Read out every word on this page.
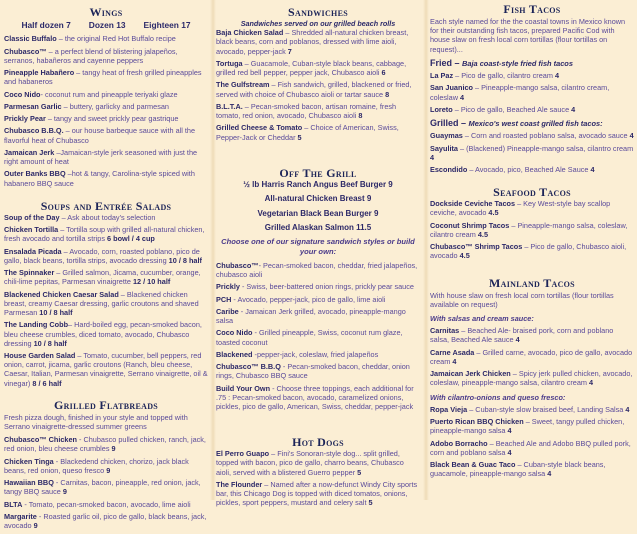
Wings
Half dozen 7 Dozen 13 Eighteen 17
Classic Buffalo – the original Red Hot Buffalo recipe
Chubasco™ – a perfect blend of blistering jalapeños, serranos, habañeros and cayenne peppers
Pineapple Habañero – tangy heat of fresh grilled pineapples and habaneros
Coco Nido- coconut rum and pineapple teriyaki glaze
Parmesan Garlic – buttery, garlicky and parmesan
Prickly Pear – tangy and sweet prickly pear gastrique
Chubasco B.B.Q. – our house barbeque sauce with all the flavorful heat of Chubasco
Jamaican Jerk –Jamaican-style jerk seasoned with just the right amount of heat
Outer Banks BBQ –hot & tangy, Carolina-style spiced with habanero BBQ sauce
Soups and Entrée Salads
Soup of the Day – Ask about today's selection
Chicken Tortilla – Tortilla soup with grilled all-natural chicken, fresh avocado and tortilla strips 6 bowl / 4 cup
Ensalada Picada – Avocado, corn, roasted poblano, pico de gallo, black beans, tortilla strips, avocado dressing 10 / 8 half
The Spinnaker – Grilled salmon, Jicama, cucumber, orange, chili-lime pepitas, Parmesan vinaigrette 12 / 10 half
Blackened Chicken Caesar Salad – Blackened chicken breast, creamy Caesar dressing, garlic croutons and shaved Parmesan 10 / 8 half
The Landing Cobb– Hard-boiled egg, pecan-smoked bacon, bleu cheese crumbles, diced tomato, avocado, Chubasco dressing 10 / 8 half
House Garden Salad – Tomato, cucumber, bell peppers, red onion, carrot, jicama, garlic croutons (Ranch, bleu cheese, Caesar, Italian, Parmesan vinaigrette, Serrano vinaigrette, oil & vinegar) 8 / 6 half
Grilled Flatbreads
Fresh pizza dough, finished in your style and topped with Serrano vinaigrette-dressed summer greens
Chubasco™ Chicken - Chubasco pulled chicken, ranch, jack, red onion, bleu cheese crumbles 9
Chicken Tinga - Blackedend chicken, chorizo, jack black beans, red onion, queso fresco 9
Hawaiian BBQ - Carnitas, bacon, pineapple, red onion, jack, tangy BBQ sauce 9
BLTA - Tomato, pecan-smoked bacon, avocado, lime aioli
Margarite - Roasted garlic oil, pico de gallo, black beans, jack, avocado 9
Sandwiches
Sandwiches served on our grilled beach rolls
Baja Chicken Salad – Shredded all-natural chicken breast, black beans, corn and poblanos, dressed with lime aioli, avocado, pepper-jack 7
Tortuga – Guacamole, Cuban-style black beans, cabbage, grilled red bell pepper, pepper jack, Chubasco aioli 6
The Gulfstream – Fish sandwich, grilled, blackened or fried, served with choice of Chubasco aioli or tartar sauce 8
B.L.T.A. – Pecan-smoked bacon, artisan romaine, fresh tomato, red onion, avocado, Chubasco aioli 8
Grilled Cheese & Tomato – Choice of American, Swiss, Pepper-Jack or Cheddar 5
Off The Grill
½ lb Harris Ranch Angus Beef Burger 9
All-natural Chicken Breast 9
Vegetarian Black Bean Burger 9
Grilled Alaskan Salmon 11.5
Choose one of our signature sandwich styles or build your own:
Chubasco™- Pecan-smoked bacon, cheddar, fried jalapeños, chubasco aioli
Prickly - Swiss, beer-battered onion rings, prickly pear sauce
PCH - Avocado, pepper-jack, pico de gallo, lime aioli
Caribe - Jamaican Jerk grilled, avocado, pineapple-mango salsa
Coco Nido - Grilled pineapple, Swiss, coconut rum glaze, toasted coconut
Blackened -pepper-jack, coleslaw, fried jalapeños
Chubasco™ B.B.Q - Pecan-smoked bacon, cheddar, onion rings, Chubasco BBQ sauce
Build Your Own - Choose three toppings, each additional for .75 : Pecan-smoked bacon, avocado, caramelized onions, pickles, pico de gallo, American, Swiss, cheddar, pepper-jack
Hot Dogs
El Perro Guapo – Fini's Sonoran-style dog... split grilled, topped with bacon, pico de gallo, charro beans, Chubasco aioli, served with a blistered Guerro pepper 5
The Flounder – Named after a now-defunct Windy City sports bar, this Chicago Dog is topped with diced tomatos, onions, pickles, sport peppers, mustard and celery salt 5
Fish Tacos
Each style named for the the coastal towns in Mexico known for their outstanding fish tacos, prepared Pacific Cod with house slaw on fresh local corn tortillas (flour tortillas on request)...
Fried – Baja coast-style fried fish tacos
La Paz – Pico de gallo, cilantro cream 4
San Juanico – Pineapple-mango salsa, cilantro cream, coleslaw 4
Loreto – Pico de gallo, Beached Ale sauce 4
Grilled – Mexico's west coast grilled fish tacos:
Guaymas – Corn and roasted poblano salsa, avocado sauce 4
Sayulita – (Blackened) Pineapple-mango salsa, cilantro cream 4
Escondido – Avocado, pico, Beached Ale Sauce 4
Seafood Tacos
Dockside Ceviche Tacos – Key West-style bay scallop ceviche, avocado 4.5
Coconut Shrimp Tacos – Pineapple-mango salsa, coleslaw, cilantro cream 4.5
Chubasco™ Shrimp Tacos – Pico de gallo, Chubasco aioli, avocado 4.5
Mainland Tacos
With house slaw on fresh local corn tortillas (flour tortillas available on request)
With salsas and cream sauce:
Carnitas – Beached Ale- braised pork, corn and poblano salsa, Beached Ale sauce 4
Carne Asada – Grilled carne, avocado, pico de gallo, avocado cream 4
Jamaican Jerk Chicken – Spicy jerk pulled chicken, avocado, coleslaw, pineapple-mango salsa, cilantro cream 4
With cilantro-onions and queso fresco:
Ropa Vieja – Cuban-style slow braised beef, Landing Salsa 4
Puerto Rican BBQ Chicken – Sweet, tangy pulled chicken, pineapple-mango salsa 4
Adobo Borracho – Beached Ale and Adobo BBQ pulled pork, corn and poblano salsa 4
Black Bean & Guac Taco – Cuban-style black beans, guacamole, pineapple-mango salsa 4
